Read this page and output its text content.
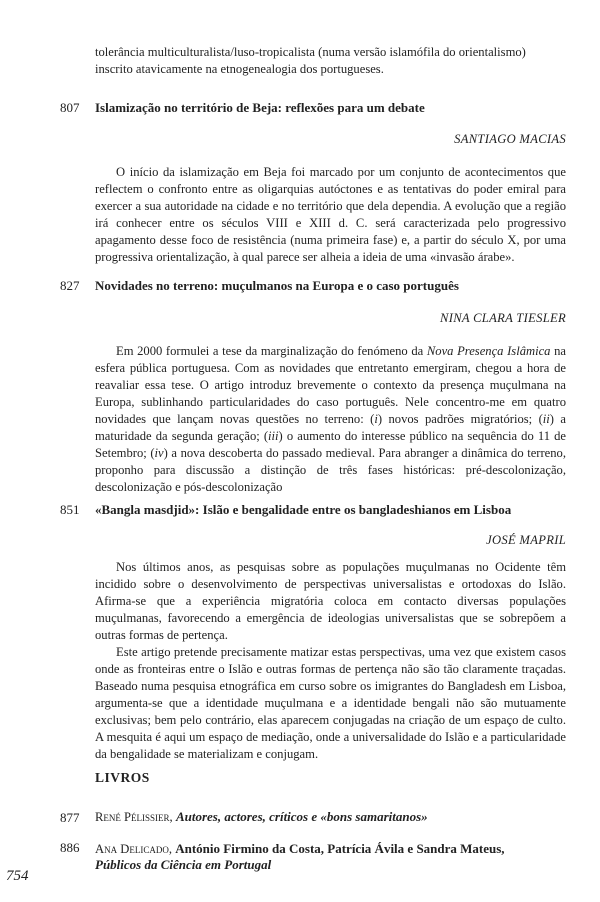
tolerância multiculturalista/luso-tropicalista (numa versão islamófila do orientalismo)
inscrito atavicamente na etnogenealogia dos portugueses.
807 Islamização no território de Beja: reflexões para um debate
SANTIAGO MACIAS

O início da islamização em Beja foi marcado por um conjunto de acontecimentos que reflectem o confronto entre as oligarquias autóctones e as tentativas do poder emiral para exercer a sua autoridade na cidade e no território que dela dependia. A evolução que a região irá conhecer entre os séculos VIII e XIII d. C. será caracterizada pelo progressivo apagamento desse foco de resistência (numa primeira fase) e, a partir do século X, por uma progressiva orientalização, à qual parece ser alheia a ideia de uma «invasão árabe».

827 Novidades no terreno: muçulmanos na Europa e o caso português
NINA CLARA TIESLER

Em 2000 formulei a tese da marginalização do fenómeno da Nova Presença Islâmica na esfera pública portuguesa. Com as novidades que entretanto emergiram, chegou a hora de reavaliar essa tese. O artigo introduz brevemente o contexto da presença muçulmana na Europa, sublinhando particularidades do caso português. Nele concentro-me em quatro novidades que lançam novas questões no terreno: (i) novos padrões migratórios; (ii) a maturidade da segunda geração; (iii) o aumento do interesse público na sequência do 11 de Setembro; (iv) a nova descoberta do passado medieval. Para abranger a dinâmica do terreno, proponho para discussão a distinção de três fases históricas: pré-descolonização, descolonização e pós-descolonização

851 «Bangla masdjid»: Islão e bengalidade entre os bangladeshianos em Lisboa
JOSÉ MAPRIL

Nos últimos anos, as pesquisas sobre as populações muçulmanas no Ocidente têm incidido sobre o desenvolvimento de perspectivas universalistas e ortodoxas do Islão. Afirma-se que a experiência migratória coloca em contacto diversas populações muçulmanas, favorecendo a emergência de ideologias universalistas que se sobrepõem a outras formas de pertença.

Este artigo pretende precisamente matizar estas perspectivas, uma vez que existem casos onde as fronteiras entre o Islão e outras formas de pertença não são tão claramente traçadas. Baseado numa pesquisa etnográfica em curso sobre os imigrantes do Bangladesh em Lisboa, argumenta-se que a identidade muçulmana e a identidade bengali não são mutuamente exclusivas; bem pelo contrário, elas aparecem conjugadas na criação de um espaço de culto. A mesquita é aqui um espaço de mediação, onde a universalidade do Islão e a particularidade da bengalidade se materializam e conjugam.

LIVROS
877 René Pélissier, Autores, actores, críticos e «bons samaritanos»
886 Ana Delicado, António Firmino da Costa, Patrícia Ávila e Sandra Mateus,
Públicos da Ciência em Portugal
754
